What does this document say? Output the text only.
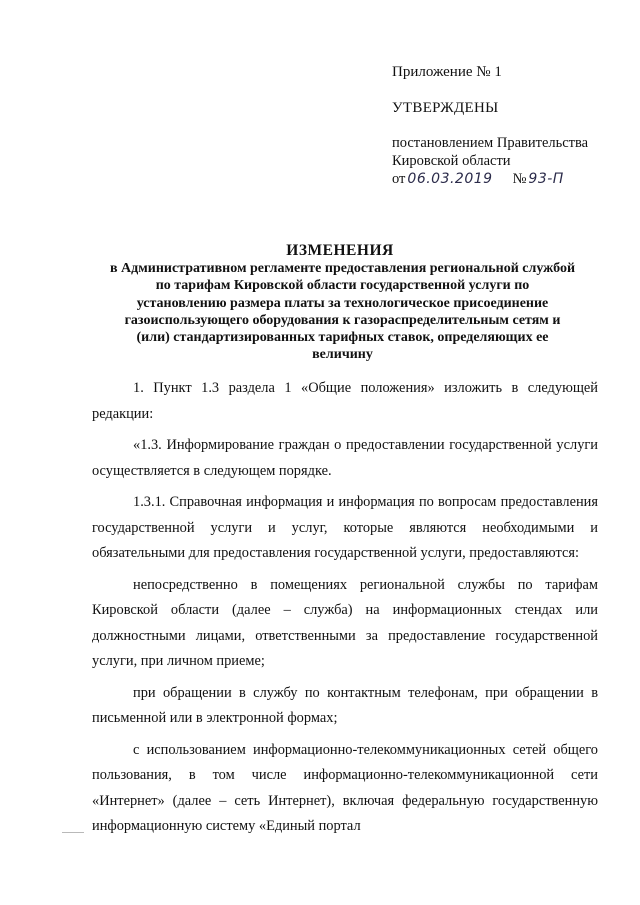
Приложение № 1
УТВЕРЖДЕНЫ
постановлением Правительства
Кировской области
от 06.03.2019 № 93-П
ИЗМЕНЕНИЯ
в Административном регламенте предоставления региональной службой
по тарифам Кировской области государственной услуги по
установлению размера платы за технологическое присоединение
газоиспользующего оборудования к газораспределительным сетям и
(или) стандартизированных тарифных ставок, определяющих ее
величину

1. Пункт 1.3 раздела 1 «Общие положения» изложить в следующей редакции:

«1.3. Информирование граждан о предоставлении государственной услуги осуществляется в следующем порядке.

1.3.1. Справочная информация и информация по вопросам предоставления государственной услуги и услуг, которые являются необходимыми и обязательными для предоставления государственной услуги, предоставляются:

непосредственно в помещениях региональной службы по тарифам Кировской области (далее – служба) на информационных стендах или должностными лицами, ответственными за предоставление государственной услуги, при личном приеме;

при обращении в службу по контактным телефонам, при обращении в письменной или в электронной формах;

с использованием информационно-телекоммуникационных сетей общего пользования, в том числе информационно-телекоммуникационной сети «Интернет» (далее – сеть Интернет), включая федеральную государственную информационную систему «Единый портал
